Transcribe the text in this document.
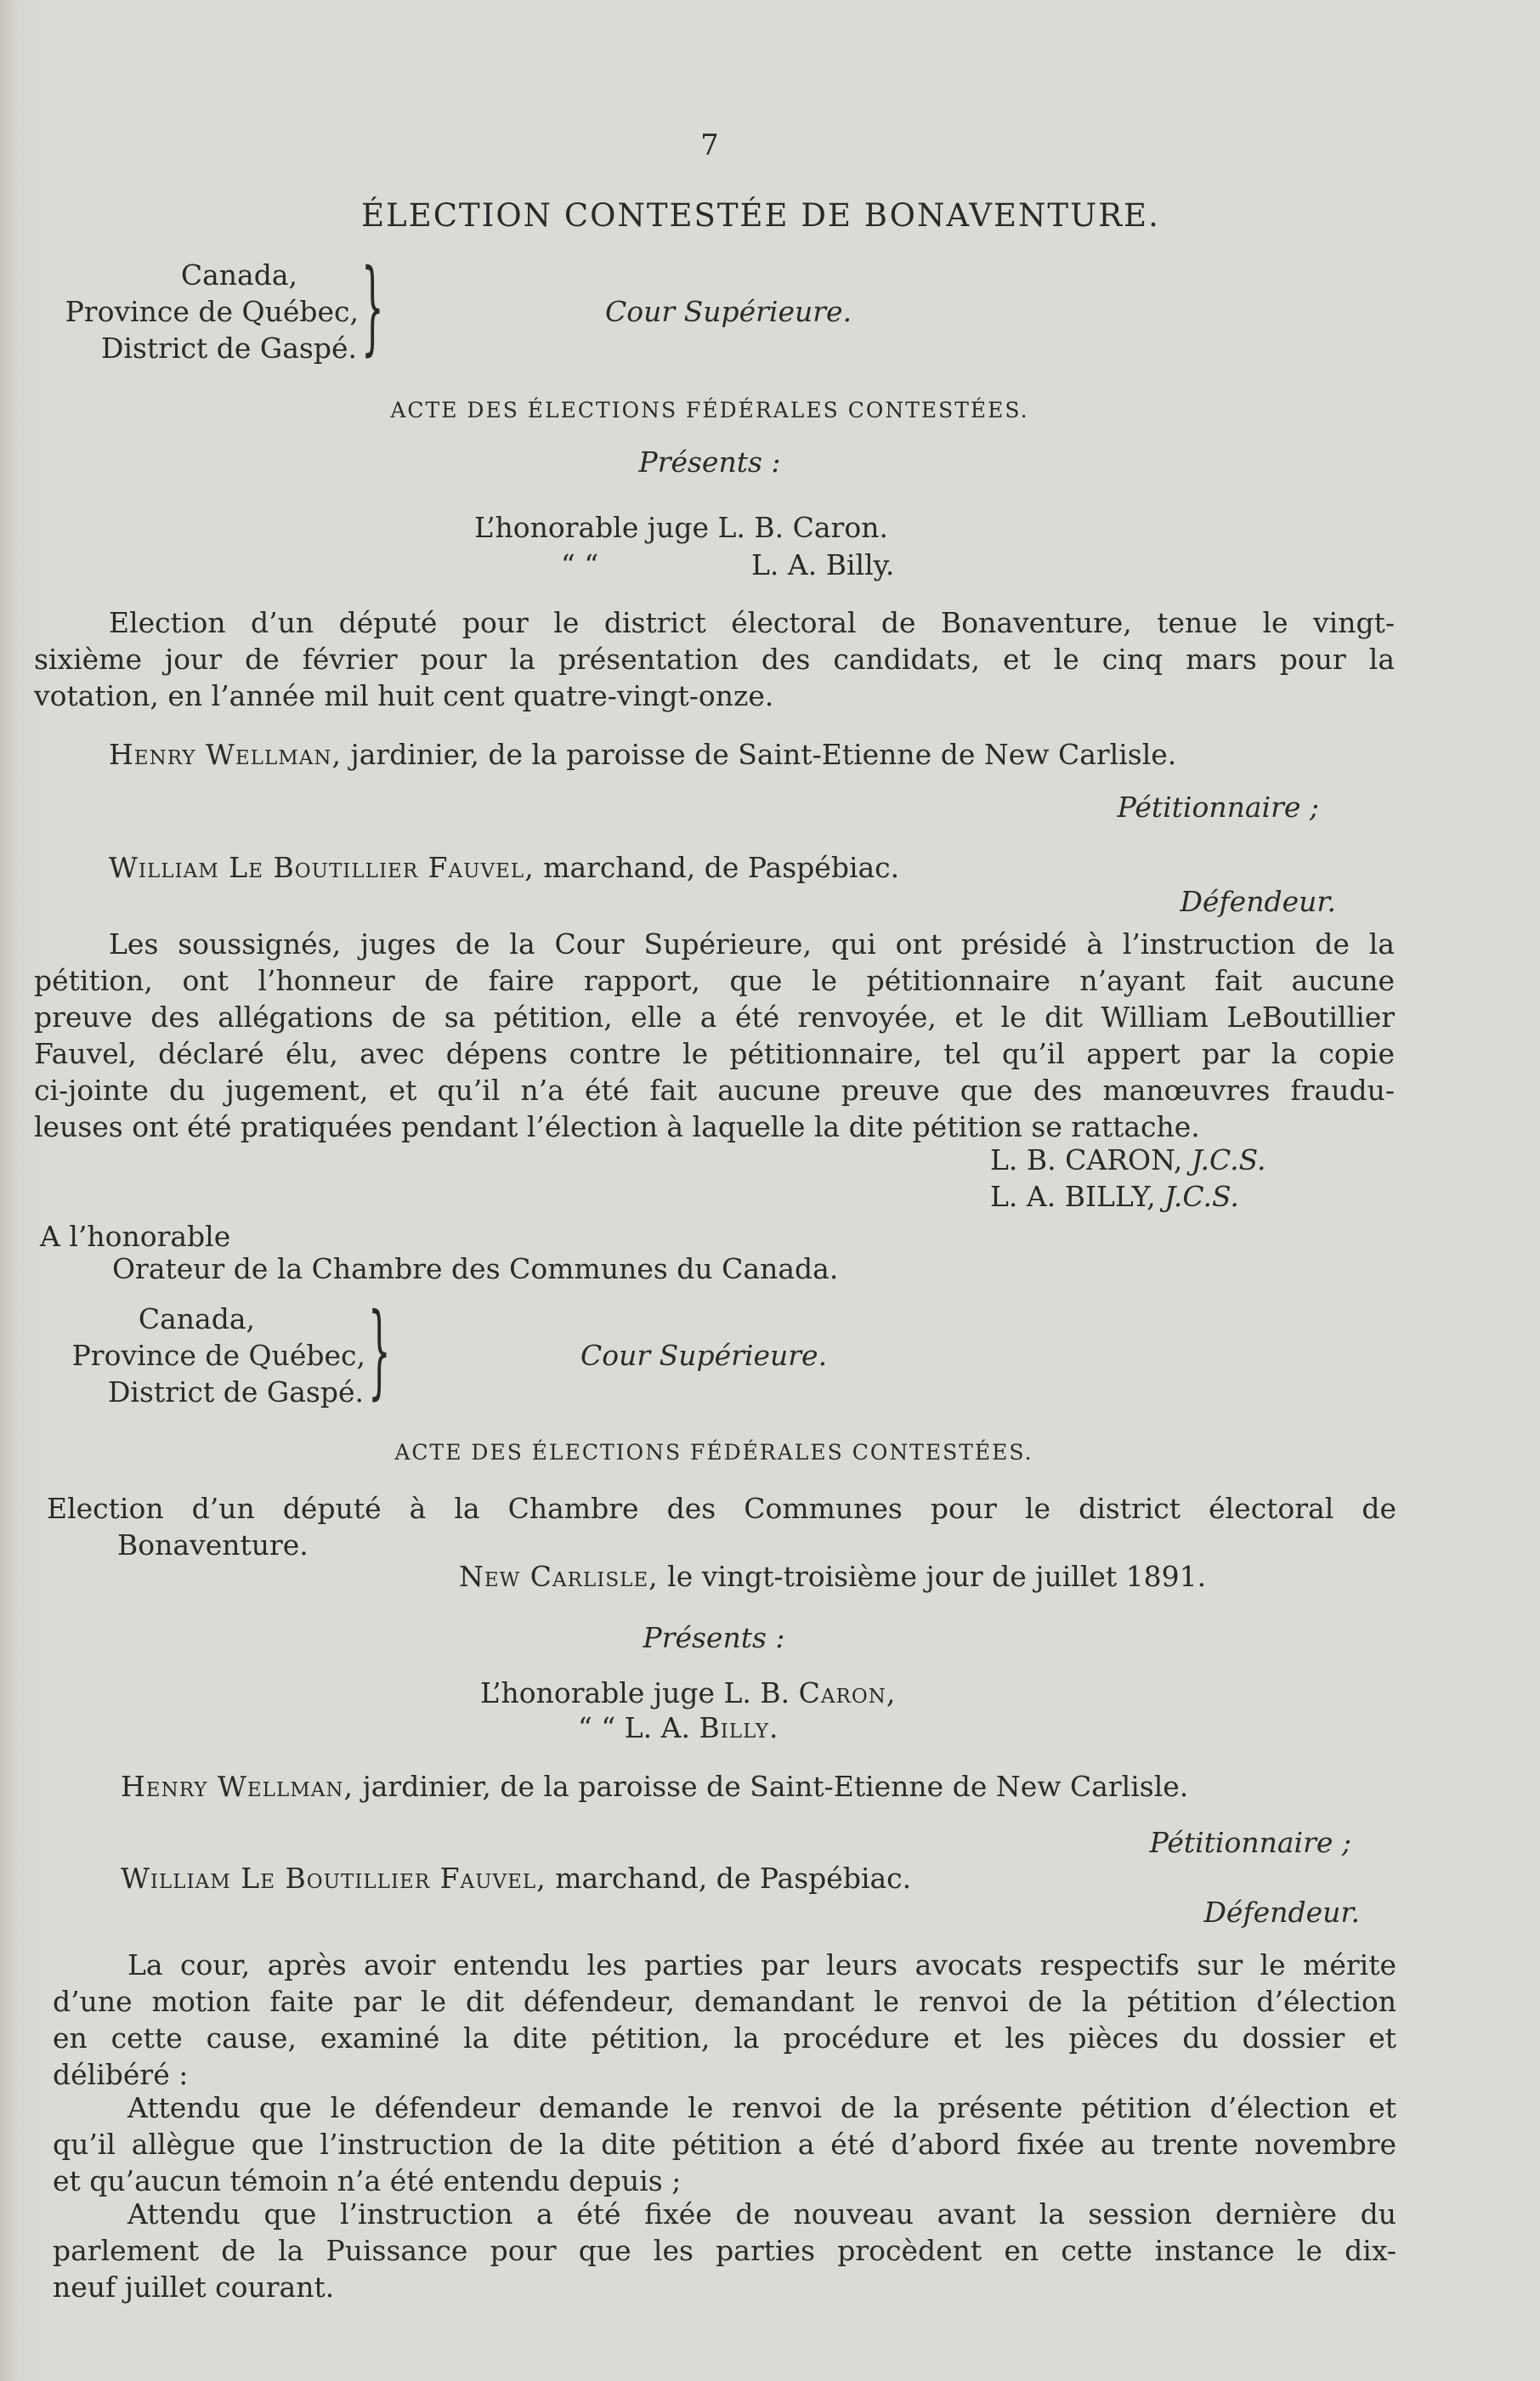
7
ÉLECTION CONTESTÉE DE BONAVENTURE.
Canada,
Province de Québec,
District de Gaspé. }	Cour Supérieure.
ACTE DES ÉLECTIONS FÉDÉRALES CONTESTÉES.
Présents :
L’honorable juge L. B. Caron.
“ “	L. A. Billy.
Election d’un député pour le district électoral de Bonaventure, tenue le vingt-
sixième jour de février pour la présentation des candidats, et le cinq mars pour la
votation, en l’année mil huit cent quatre-vingt-onze.
Henry Wellman, jardinier, de la paroisse de Saint-Etienne de New Carlisle.
Pétitionnaire ;
William Le Boutillier Fauvel, marchand, de Paspébiac.
Défendeur.
Les soussignés, juges de la Cour Supérieure, qui ont présidé à l’instruction de la
pétition, ont l’honneur de faire rapport, que le pétitionnaire n’ayant fait aucune
preuve des allégations de sa pétition, elle a été renvoyée, et le dit William LeBoutillier
Fauvel, déclaré élu, avec dépens contre le pétitionnaire, tel qu’il appert par la copie
ci-jointe du jugement, et qu’il n’a été fait aucune preuve que des manœuvres fraudu-
leuses ont été pratiquées pendant l’élection à laquelle la dite pétition se rattache.
L. B. CARON, J.C.S.
L. A. BILLY, J.C.S.
A l’honorable
Orateur de la Chambre des Communes du Canada.
Canada,
Province de Québec,
District de Gaspé. }	Cour Supérieure.
ACTE DES ÉLECTIONS FÉDÉRALES CONTESTÉES.
Election d’un député à la Chambre des Communes pour le district électoral de
Bonaventure.
New Carlisle, le vingt-troisième jour de juillet 1891.
Présents :
L’honorable juge L. B. Caron,
“ “ L. A. Billy.
Henry Wellman, jardinier, de la paroisse de Saint-Etienne de New Carlisle.
Pétitionnaire ;
William Le Boutillier Fauvel, marchand, de Paspébiac.
Défendeur.
La cour, après avoir entendu les parties par leurs avocats respectifs sur le mérite
d’une motion faite par le dit défendeur, demandant le renvoi de la pétition d’élection
en cette cause, examiné la dite pétition, la procédure et les pièces du dossier et
délibéré :
Attendu que le défendeur demande le renvoi de la présente pétition d’élection et
qu’il allègue que l’instruction de la dite pétition a été d’abord fixée au trente novembre
et qu’aucun témoin n’a été entendu depuis ;
Attendu que l’instruction a été fixée de nouveau avant la session dernière du
parlement de la Puissance pour que les parties procèdent en cette instance le dix-
neuf juillet courant.
